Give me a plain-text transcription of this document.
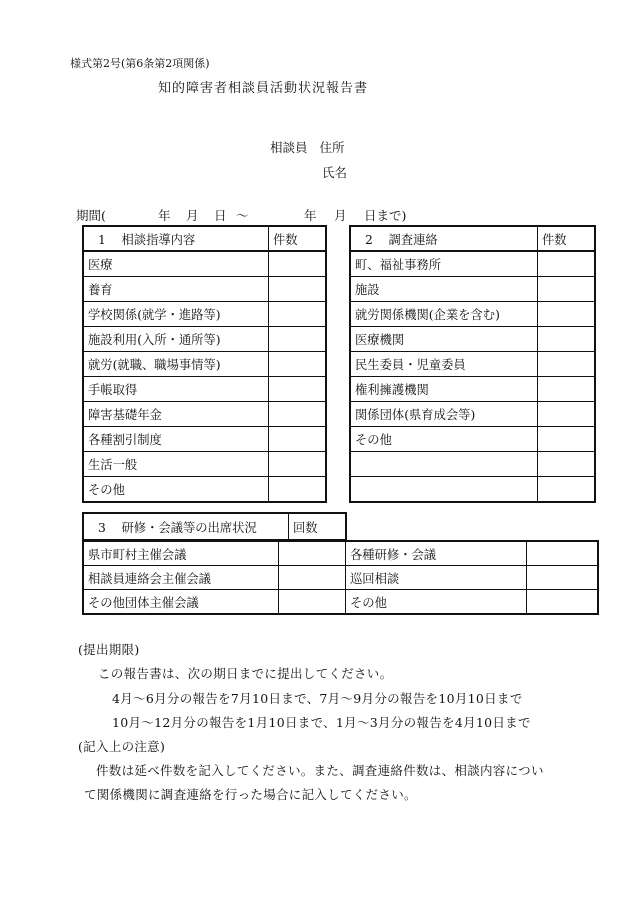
様式第2号(第6条第2項関係)
知的障害者相談員活動状況報告書
相談員 住所
氏名
期間(	年 月 日 〜	年 月 日まで)
1 相談指導内容	件数
医療	
養育	
学校関係(就学・進路等)	
施設利用(入所・通所等)	
就労(就職、職場事情等)	
手帳取得	
障害基礎年金	
各種割引制度	
生活一般	
その他	
2 調査連絡	件数
町、福祉事務所	
施設	
就労関係機関(企業を含む)	
医療機関	
民生委員・児童委員	
権利擁護機関	
関係団体(県育成会等)	
その他	

3 研修・会議等の出席状況	回数
県市町村主催会議		各種研修・会議	
相談員連絡会主催会議		巡回相談	
その他団体主催会議		その他	
(提出期限)
この報告書は、次の期日までに提出してください。
4月〜6月分の報告を7月10日まで、7月〜9月分の報告を10月10日まで
10月〜12月分の報告を1月10日まで、1月〜3月分の報告を4月10日まで
(記入上の注意)
件数は延べ件数を記入してください。また、調査連絡件数は、相談内容につい
て関係機関に調査連絡を行った場合に記入してください。
